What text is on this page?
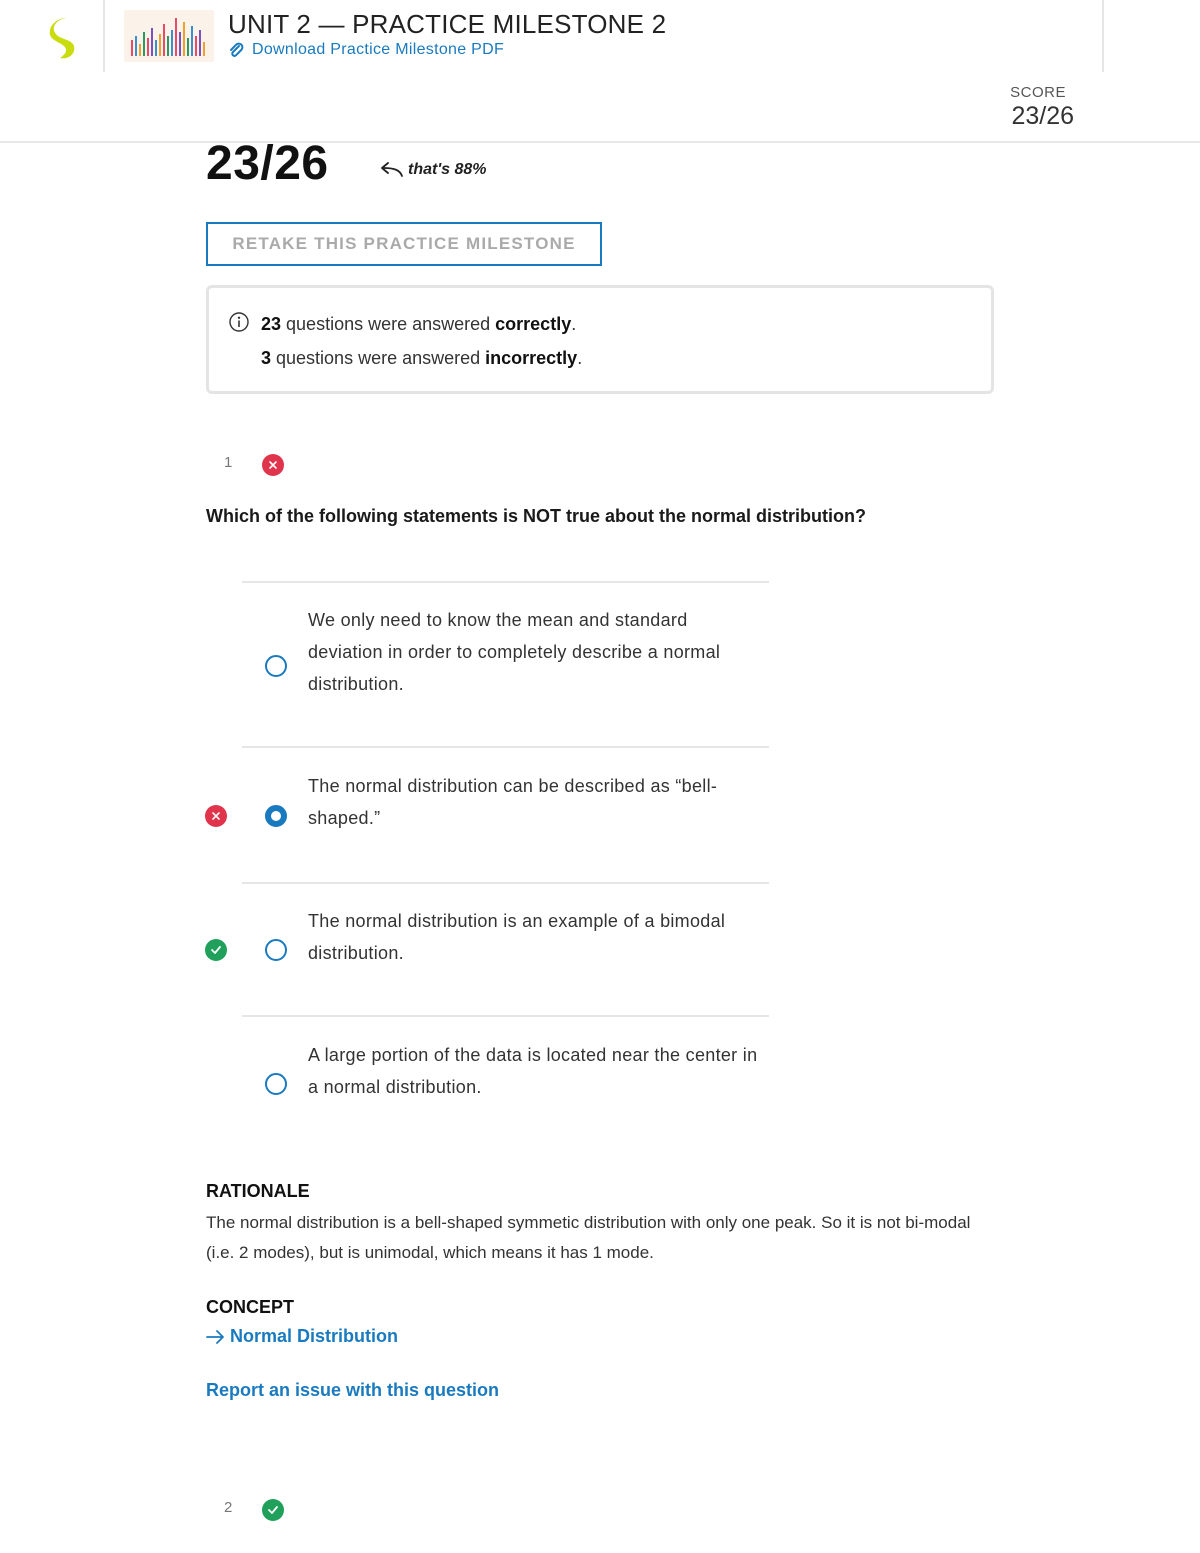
UNIT 2 — PRACTICE MILESTONE 2
Download Practice Milestone PDF
SCORE
23/26
23/26	that's 88%
RETAKE THIS PRACTICE MILESTONE
23 questions were answered correctly.
3 questions were answered incorrectly.
1
Which of the following statements is NOT true about the normal distribution?
We only need to know the mean and standard deviation in order to completely describe a normal distribution.
The normal distribution can be described as “bell-shaped.”
The normal distribution is an example of a bimodal distribution.
A large portion of the data is located near the center in a normal distribution.
RATIONALE
The normal distribution is a bell-shaped symmetic distribution with only one peak. So it is not bi-modal (i.e. 2 modes), but is unimodal, which means it has 1 mode.
CONCEPT
Normal Distribution
Report an issue with this question
2
